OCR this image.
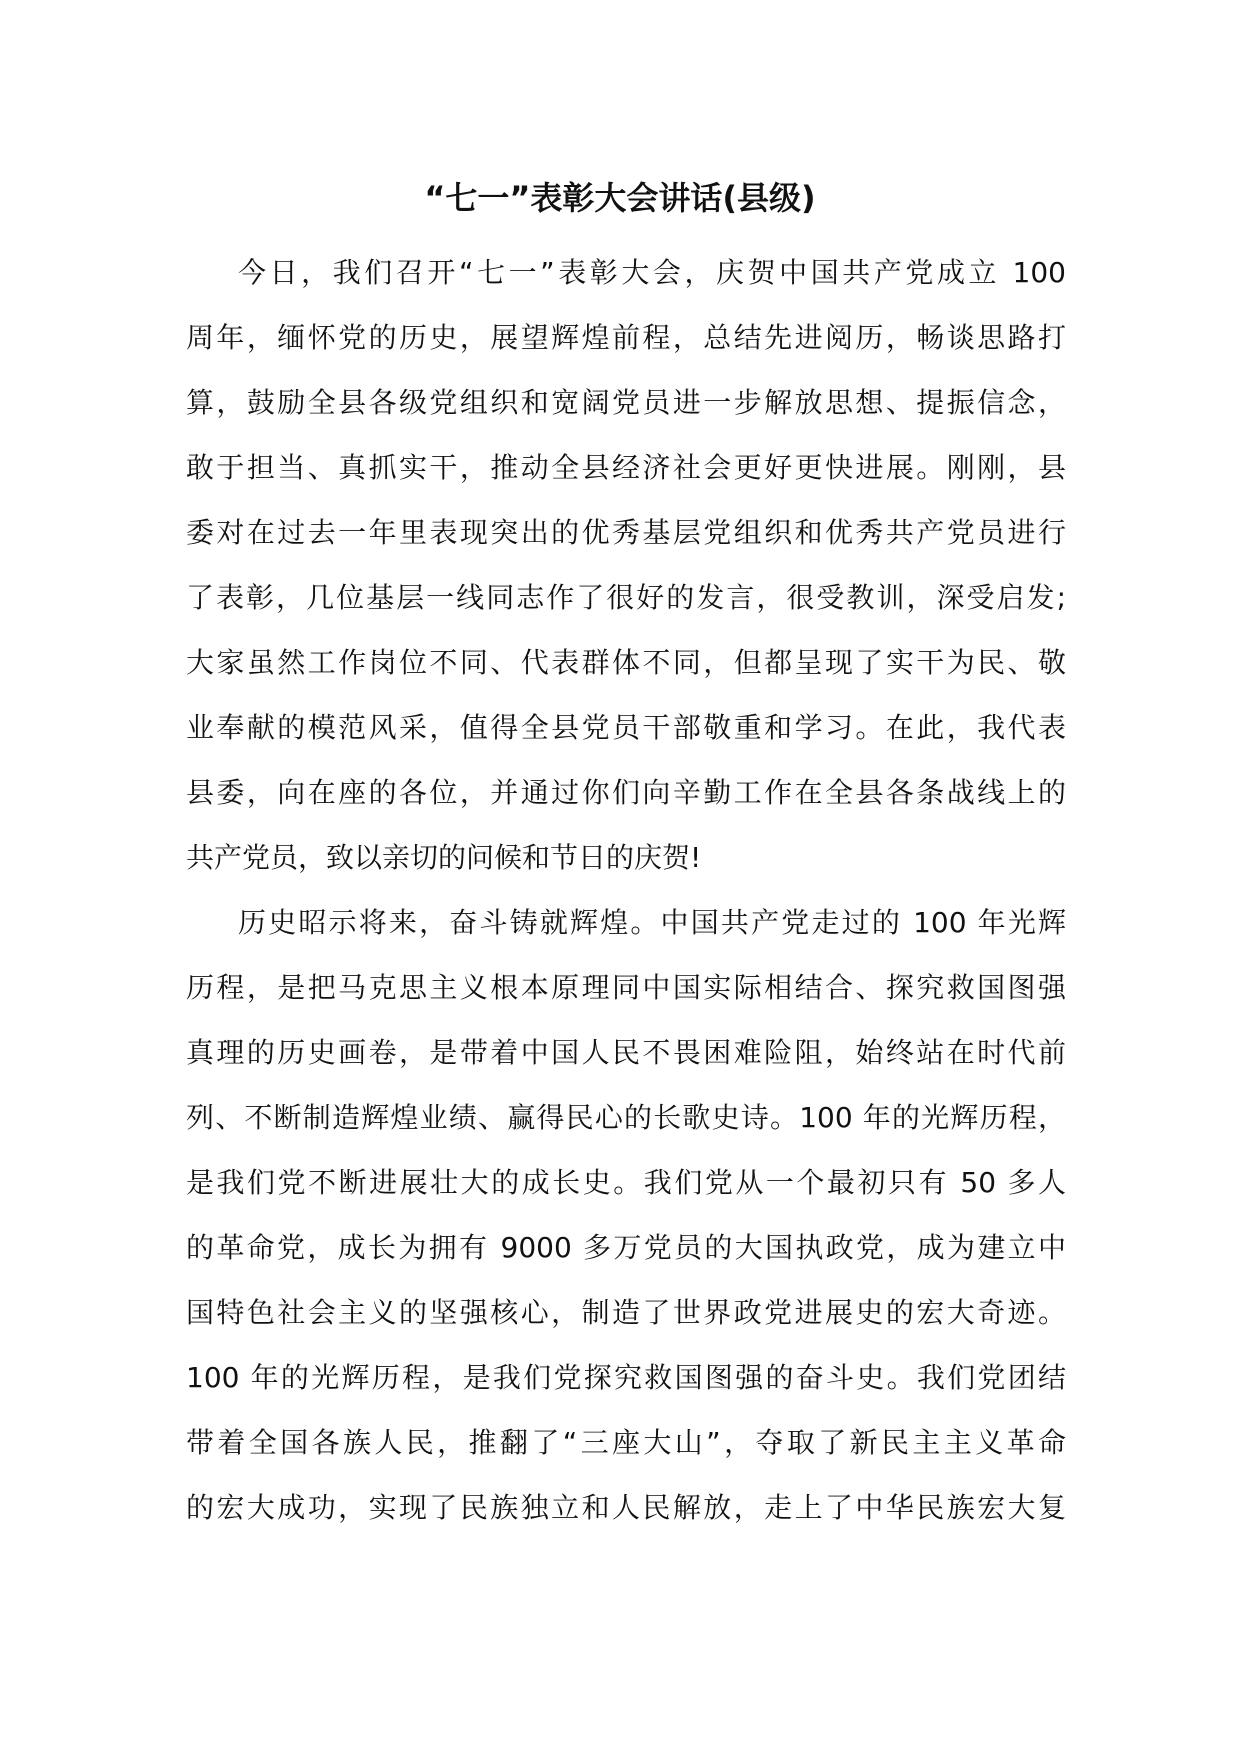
“七一”表彰大会讲话(县级)
今日，我们召开“七一”表彰大会，庆贺中国共产党成立 100
周年，缅怀党的历史，展望辉煌前程，总结先进阅历，畅谈思路打
算，鼓励全县各级党组织和宽阔党员进一步解放思想、提振信念，
敢于担当、真抓实干，推动全县经济社会更好更快进展。刚刚，县
委对在过去一年里表现突出的优秀基层党组织和优秀共产党员进行
了表彰，几位基层一线同志作了很好的发言，很受教训，深受启发;
大家虽然工作岗位不同、代表群体不同，但都呈现了实干为民、敬
业奉献的模范风采，值得全县党员干部敬重和学习。在此，我代表
县委，向在座的各位，并通过你们向辛勤工作在全县各条战线上的
共产党员，致以亲切的问候和节日的庆贺!
历史昭示将来，奋斗铸就辉煌。中国共产党走过的 100 年光辉
历程，是把马克思主义根本原理同中国实际相结合、探究救国图强
真理的历史画卷，是带着中国人民不畏困难险阻，始终站在时代前
列、不断制造辉煌业绩、赢得民心的长歌史诗。100 年的光辉历程，
是我们党不断进展壮大的成长史。我们党从一个最初只有 50 多人
的革命党，成长为拥有 9000 多万党员的大国执政党，成为建立中
国特色社会主义的坚强核心，制造了世界政党进展史的宏大奇迹。
100 年的光辉历程，是我们党探究救国图强的奋斗史。我们党团结
带着全国各族人民，推翻了“三座大山”，夺取了新民主主义革命
的宏大成功，实现了民族独立和人民解放，走上了中华民族宏大复
